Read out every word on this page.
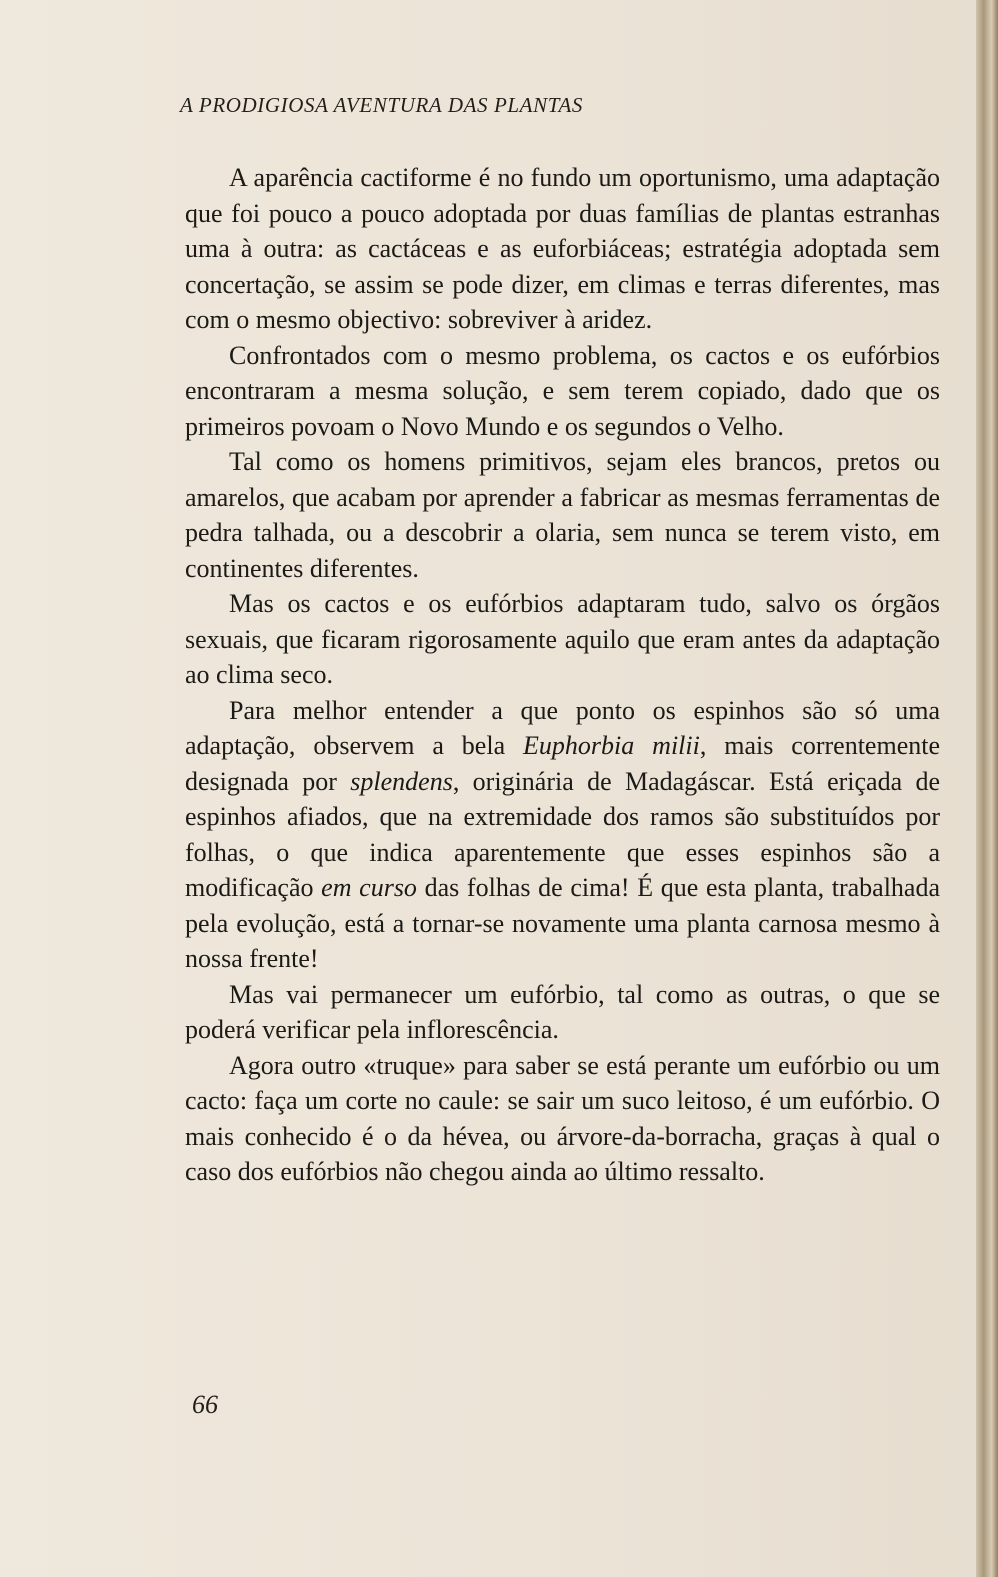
A PRODIGIOSA AVENTURA DAS PLANTAS

A aparência cactiforme é no fundo um oportunismo, uma adaptação que foi pouco a pouco adoptada por duas famílias de plantas estranhas uma à outra: as cactáceas e as euforbiáceas; estratégia adoptada sem concertação, se assim se pode dizer, em climas e terras diferentes, mas com o mesmo objectivo: sobreviver à aridez.

Confrontados com o mesmo problema, os cactos e os eufórbios encontraram a mesma solução, e sem terem copiado, dado que os primeiros povoam o Novo Mundo e os segundos o Velho.

Tal como os homens primitivos, sejam eles brancos, pretos ou amarelos, que acabam por aprender a fabricar as mesmas ferramentas de pedra talhada, ou a descobrir a olaria, sem nunca se terem visto, em continentes diferentes.

Mas os cactos e os eufórbios adaptaram tudo, salvo os órgãos sexuais, que ficaram rigorosamente aquilo que eram antes da adaptação ao clima seco.

Para melhor entender a que ponto os espinhos são só uma adaptação, observem a bela Euphorbia milii, mais correntemente designada por splendens, originária de Madagáscar. Está eriçada de espinhos afiados, que na extremidade dos ramos são substituídos por folhas, o que indica aparentemente que esses espinhos são a modificação em curso das folhas de cima! É que esta planta, trabalhada pela evolução, está a tornar-se novamente uma planta carnosa mesmo à nossa frente!

Mas vai permanecer um eufórbio, tal como as outras, o que se poderá verificar pela inflorescência.

Agora outro «truque» para saber se está perante um eufórbio ou um cacto: faça um corte no caule: se sair um suco leitoso, é um eufórbio. O mais conhecido é o da hévea, ou árvore-da-borracha, graças à qual o caso dos eufórbios não chegou ainda ao último ressalto.

66
